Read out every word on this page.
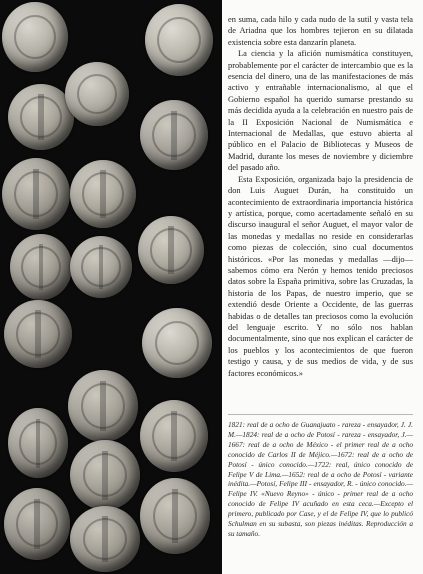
en suma, cada hilo y cada nudo de la sutil y vasta tela de Ariadna que los hombres tejieron en su dilatada existencia sobre esta danzarín planeta.

La ciencia y la afición numismática constituyen, probablemente por el carácter de intercambio que es la esencia del dinero, una de las manifestaciones de más activo y entrañable internacionalismo, al que el Gobierno español ha querido sumarse prestando su más decidida ayuda a la celebración en nuestro país de la II Exposición Nacional de Numismática e Internacional de Medallas, que estuvo abierta al público en el Palacio de Bibliotecas y Museos de Madrid, durante los meses de noviembre y diciembre del pasado año.

Esta Exposición, organizada bajo la presidencia de don Luis Auguet Durán, ha constituido un acontecimiento de extraordinaria importancia histórica y artística, porque, como acertadamente señaló en su discurso inaugural el señor Auguet, el mayor valor de las monedas y medallas no reside en considerarlas como piezas de colección, sino cual documentos históricos. «Por las monedas y medallas —dijo— sabemos cómo era Nerón y hemos tenido preciosos datos sobre la España primitiva, sobre las Cruzadas, la historia de los Papas, de nuestro imperio, que se extendió desde Oriente a Occidente, de las guerras habidas o de detalles tan preciosos como la evolución del lenguaje escrito. Y no sólo nos hablan documentalmente, sino que nos explican el carácter de los pueblos y los acontecimientos de que fueron testigo y causa, y de sus medios de vida, y de sus factores económicos.»

1821: real de a ocho de Guanajuato - rareza - ensayador, J. J. M.—1824: real de a ocho de Potosí - rareza - ensayador, J.—1667: real de a ocho de México - el primer real de a ocho conocido de Carlos II de Méjico.—1672: real de a ocho de Potosí - único conocido.—1722: real, único conocido de Felipe V de Lima.—1652: real de a ocho de Potosí - variante inédita.—Potosí, Felipe III - ensayador, R. - único conocido.—Felipe IV. «Nuevo Reyno» - único - primer real de a ocho conocido de Felipe IV acuñado en esta ceca.—Excepto el primero, publicado por Case, y el de Felipe IV, que lo publicó Schulman en su subasta, son piezas inéditas. Reproducción a su tamaño.
